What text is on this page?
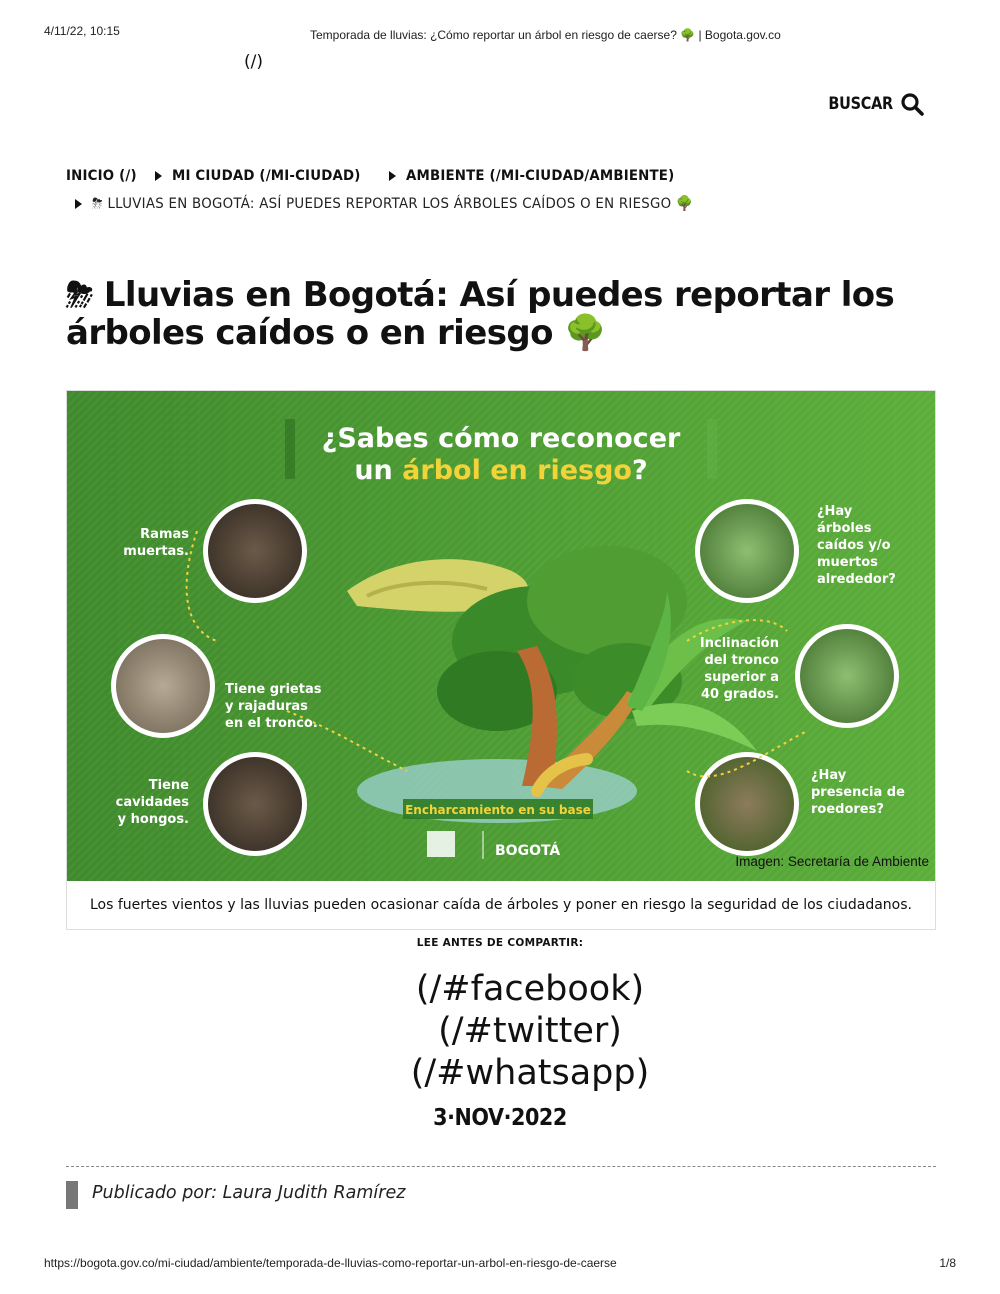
4/11/22, 10:15	Temporada de lluvias: ¿Cómo reportar un árbol en riesgo de caerse? 🌳 | Bogota.gov.co
(/)
BUSCAR
INICIO (/) MI CIUDAD (/MI-CIUDAD)	AMBIENTE (/MI-CIUDAD/AMBIENTE)
⛈ LLUVIAS EN BOGOTÁ: ASÍ PUEDES REPORTAR LOS ÁRBOLES CAÍDOS O EN RIESGO 🌳
⛈ Lluvias en Bogotá: Así puedes reportar los árboles caídos o en riesgo 🌳
¿Sabes cómo reconocer
un árbol en riesgo?
Encharcamiento en su base
Ramas muertas.
Tiene grietas y rajaduras en el tronco.
Tiene cavidades y hongos.
¿Hay árboles caídos y/o muertos alrededor?
Inclinación del tronco superior a 40 grados.
¿Hay presencia de roedores?
BOGOTÁ
Imagen: Secretaría de Ambiente
Los fuertes vientos y las lluvias pueden ocasionar caída de árboles y poner en riesgo la seguridad de los ciudadanos.
LEE ANTES DE COMPARTIR:
(/#facebook)
(/#twitter)
(/#whatsapp)
3·NOV·2022
Publicado por: Laura Judith Ramírez
https://bogota.gov.co/mi-ciudad/ambiente/temporada-de-lluvias-como-reportar-un-arbol-en-riesgo-de-caerse	1/8
